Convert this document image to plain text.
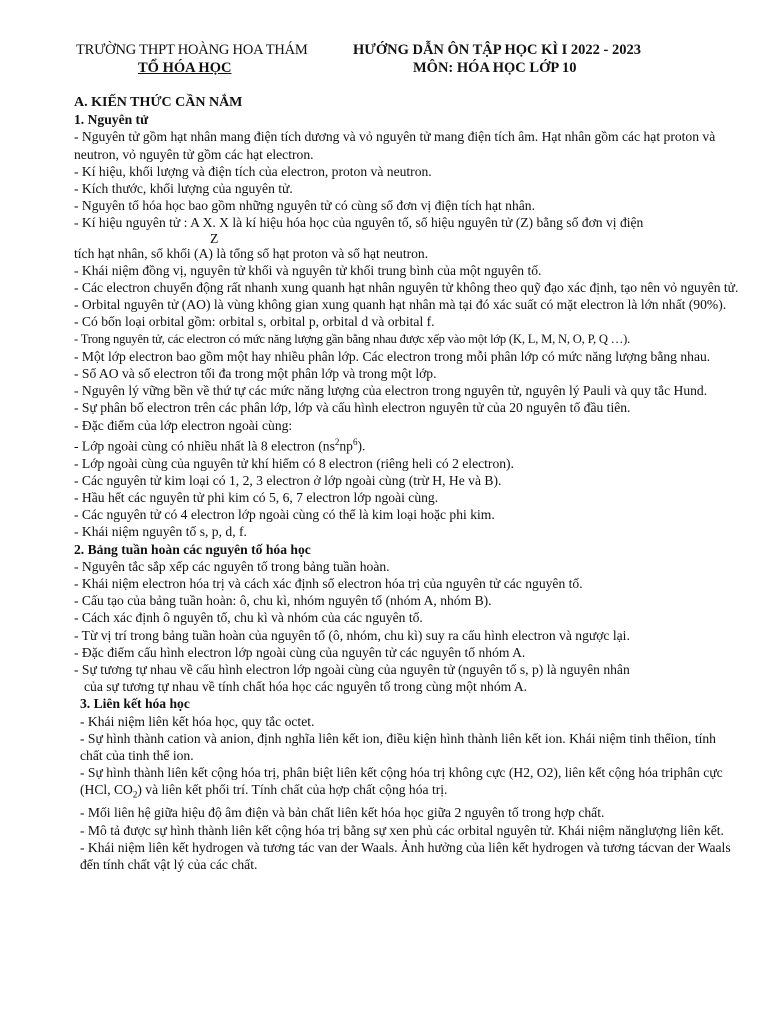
TRƯỜNG THPT HOÀNG HOA THÁM
TỔ HÓA HỌC
HƯỚNG DẪN ÔN TẬP HỌC KÌ I 2022 - 2023
MÔN: HÓA HỌC LỚP 10

A. KIẾN THỨC CẦN NẮM

1. Nguyên tử

- Nguyên tử gồm hạt nhân mang điện tích dương và vỏ nguyên tử mang điện tích âm. Hạt nhân gồm các hạt proton và neutron, vỏ nguyên tử gồm các hạt electron.

- Kí hiệu, khối lượng và điện tích của electron, proton và neutron.

- Kích thước, khối lượng của nguyên tử.

- Nguyên tố hóa học bao gồm những nguyên tử có cùng số đơn vị điện tích hạt nhân.

- Kí hiệu nguyên tử : A X. X là kí hiệu hóa học của nguyên tố, số hiệu nguyên tử (Z) bằng số đơn vị điện

Z

tích hạt nhân, số khối (A) là tổng số hạt proton và số hạt neutron.

- Khái niệm đồng vị, nguyên tử khối và nguyên tử khối trung bình của một nguyên tố.

- Các electron chuyển động rất nhanh xung quanh hạt nhân nguyên tử không theo quỹ đạo xác định, tạo nên vỏ nguyên tử.

- Orbital nguyên tử (AO) là vùng không gian xung quanh hạt nhân mà tại đó xác suất có mặt electron là lớn nhất (90%).

- Có bốn loại orbital gồm: orbital s, orbital p, orbital d và orbital f.

- Trong nguyên tử, các electron có mức năng lượng gần bằng nhau được xếp vào một lớp (K, L, M, N, O, P, Q …).

- Một lớp electron bao gồm một hay nhiều phân lớp. Các electron trong mỗi phân lớp có mức năng lượng bằng nhau.

- Số AO và số electron tối đa trong một phân lớp và trong một lớp.

- Nguyên lý vững bền về thứ tự các mức năng lượng của electron trong nguyên tử, nguyên lý Pauli và quy tắc Hund.

- Sự phân bố electron trên các phân lớp, lớp và cấu hình electron nguyên tử của 20 nguyên tố đầu tiên.

- Đặc điểm của lớp electron ngoài cùng:

- Lớp ngoài cùng có nhiều nhất là 8 electron $(ns^2np^6)$.

- Lớp ngoài cùng của nguyên tử khí hiếm có 8 electron (riêng heli có 2 electron).

- Các nguyên tử kim loại có 1, 2, 3 electron ở lớp ngoài cùng (trừ H, He và B).

- Hầu hết các nguyên tử phi kim có 5, 6, 7 electron lớp ngoài cùng.

- Các nguyên tử có 4 electron lớp ngoài cùng có thể là kim loại hoặc phi kim.

- Khái niệm nguyên tố s, p, d, f.

2. Bảng tuần hoàn các nguyên tố hóa học

- Nguyên tắc sắp xếp các nguyên tố trong bảng tuần hoàn.

- Khái niệm electron hóa trị và cách xác định số electron hóa trị của nguyên tử các nguyên tố.

- Cấu tạo của bảng tuần hoàn: ô, chu kì, nhóm nguyên tố (nhóm A, nhóm B).

- Cách xác định ô nguyên tố, chu kì và nhóm của các nguyên tố.

- Từ vị trí trong bảng tuần hoàn của nguyên tố (ô, nhóm, chu kì) suy ra cấu hình electron và ngược lại.

- Đặc điểm cấu hình electron lớp ngoài cùng của nguyên tử các nguyên tố nhóm A.

- Sự tương tự nhau về cấu hình electron lớp ngoài cùng của nguyên tử (nguyên tố s, p) là nguyên nhân

của sự tương tự nhau về tính chất hóa học các nguyên tố trong cùng một nhóm A.

3. Liên kết hóa học

- Khái niệm liên kết hóa học, quy tắc octet.

- Sự hình thành cation và anion, định nghĩa liên kết ion, điều kiện hình thành liên kết ion. Khái niệm tinh thểion, tính chất của tinh thể ion.

- Sự hình thành liên kết cộng hóa trị, phân biệt liên kết cộng hóa trị không cực (H2, O2), liên kết cộng hóa triphân cực (HCl, $CO_2$) và liên kết phối trí. Tính chất của hợp chất cộng hóa trị.

- Mối liên hệ giữa hiệu độ âm điện và bản chất liên kết hóa học giữa 2 nguyên tố trong hợp chất.

- Mô tả được sự hình thành liên kết cộng hóa trị bằng sự xen phủ các orbital nguyên tử. Khái niệm nănglượng liên kết.

- Khái niệm liên kết hydrogen và tương tác van der Waals. Ảnh hưởng của liên kết hydrogen và tương tácvan der Waals đến tính chất vật lý của các chất.
